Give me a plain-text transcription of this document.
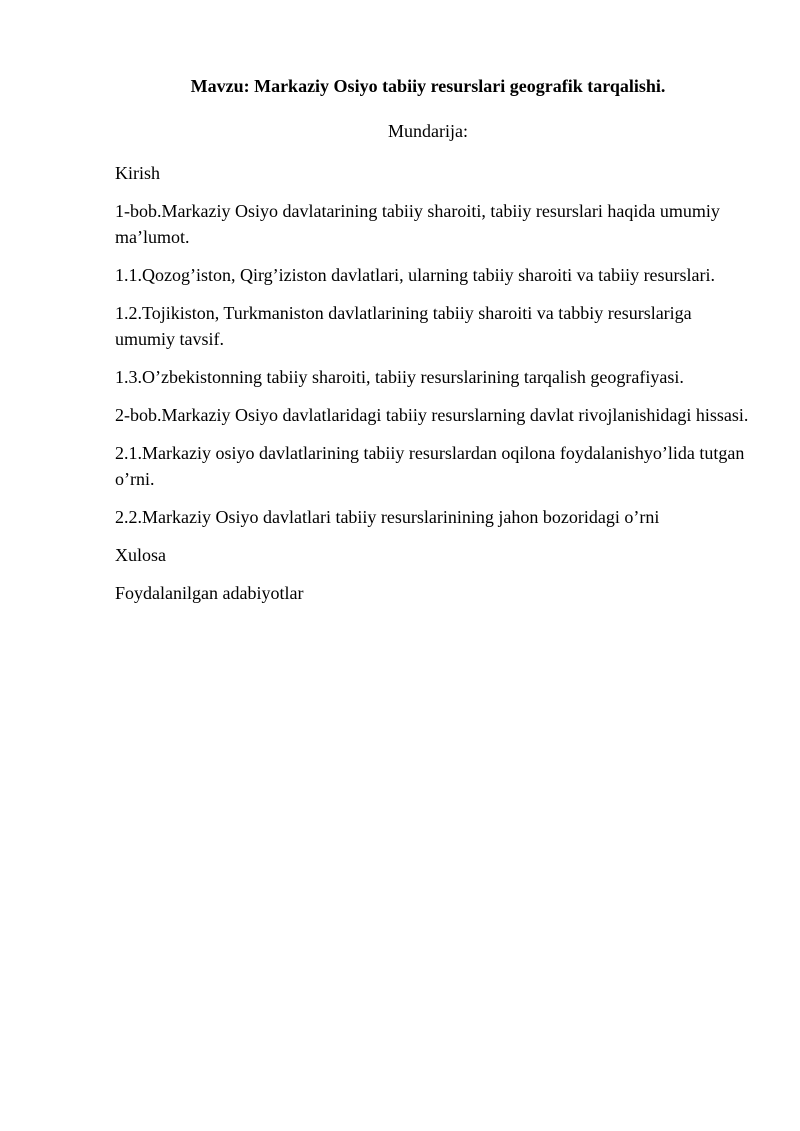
Mavzu: Markaziy Osiyo tabiiy resurslari geografik tarqalishi.
Mundarija:
Kirish
1-bob.Markaziy Osiyo davlatarining tabiiy sharoiti, tabiiy resurslari haqida umumiy ma’lumot.
1.1.Qozog’iston, Qirg’iziston davlatlari, ularning tabiiy sharoiti va tabiiy resurslari.
1.2.Tojikiston, Turkmaniston davlatlarining tabiiy sharoiti va tabbiy resurslariga umumiy tavsif.
1.3.O’zbekistonning tabiiy sharoiti, tabiiy resurslarining tarqalish geografiyasi.
2-bob.Markaziy Osiyo davlatlaridagi tabiiy resurslarning davlat rivojlanishidagi hissasi.
2.1.Markaziy osiyo davlatlarining tabiiy resurslardan oqilona foydalanishyo’lida tutgan o’rni.
2.2.Markaziy Osiyo davlatlari tabiiy resurslarinining jahon bozoridagi o’rni
Xulosa
Foydalanilgan adabiyotlar
